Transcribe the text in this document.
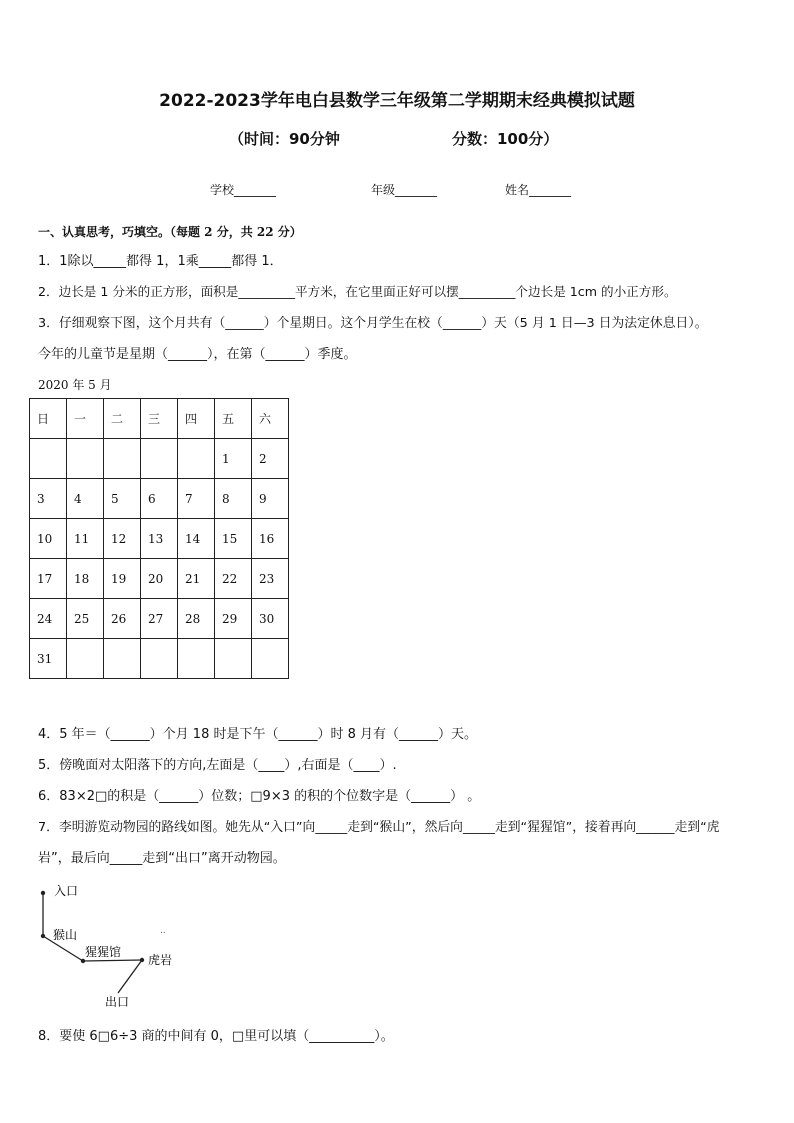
2022-2023学年电白县数学三年级第二学期期末经典模拟试题
（时间：90分钟	分数：100分）
学校_______	年级_______	姓名_______
一、认真思考，巧填空。（每题 2 分，共 22 分）
1．1除以_____都得 1，1乘_____都得 1．
2．边长是 1 分米的正方形，面积是_________平方米，在它里面正好可以摆_________个边长是 1cm 的小正方形。
3．仔细观察下图，这个月共有（______）个星期日。这个月学生在校（______）天（5 月 1 日—3 日为法定休息日）。
今年的儿童节是星期（______），在第（______）季度。
2020 年 5 月
日	一	二	三	四	五	六
					1	2
3	4	5	6	7	8	9
10	11	12	13	14	15	16
17	18	19	20	21	22	23
24	25	26	27	28	29	30
31						
4．5 年＝（______）个月 18 时是下午（______）时 8 月有（______）天。
5．傍晚面对太阳落下的方向,左面是（____）,右面是（____）.
6．83×2□的积是（______）位数；□9×3 的积的个位数字是（______） 。
7．李明游览动物园的路线如图。她先从“入口”向_____走到“猴山”，然后向_____走到“猩猩馆”，接着再向______走到“虎
岩”，最后向_____走到“出口”离开动物园。
入口
猴山
猩猩馆
虎岩
出口
..
8．要使 6□6÷3 商的中间有 0，□里可以填（__________）。
